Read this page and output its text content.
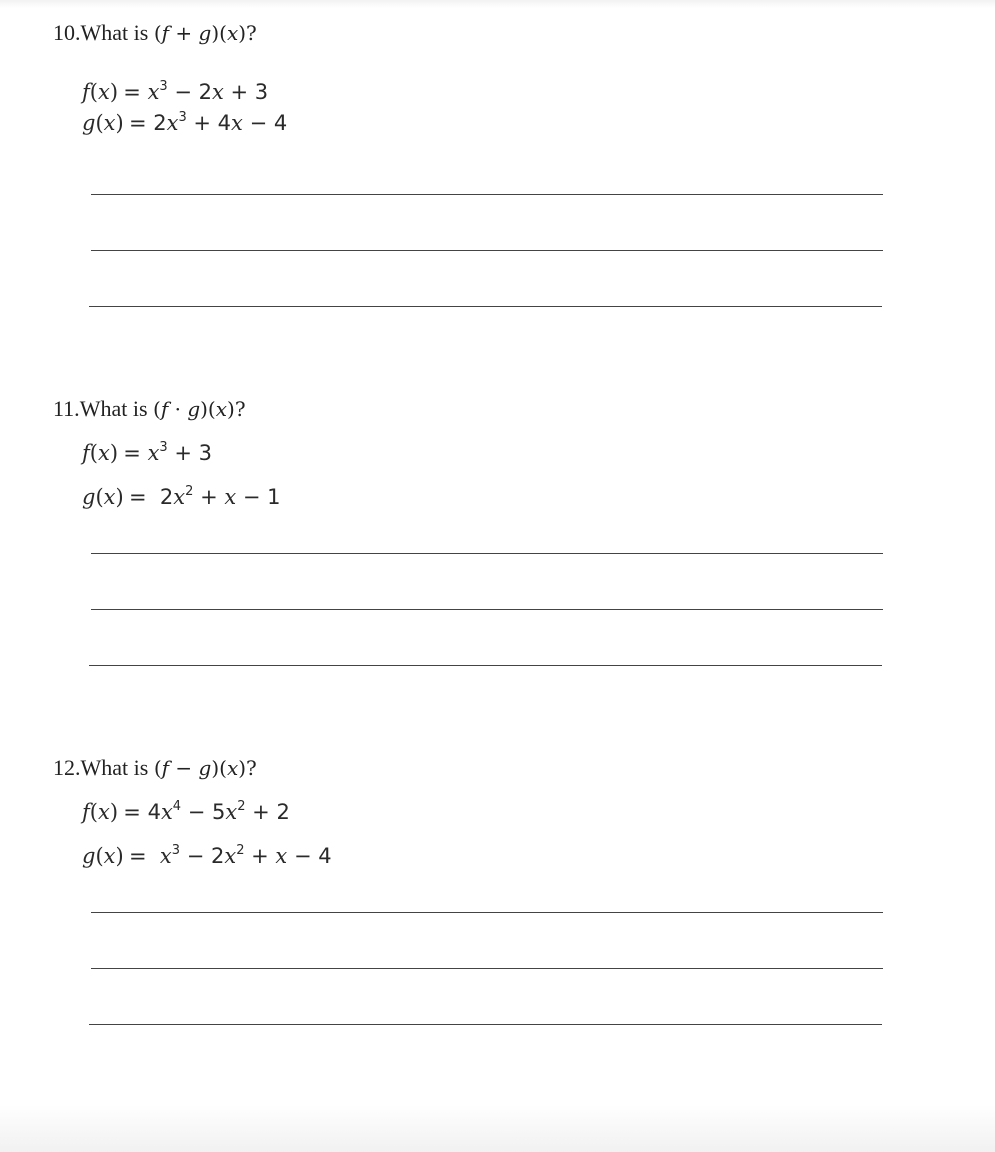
10.What is (f + g)(x)?
$f(x) = x^3 - 2x + 3$
$g(x) = 2x^3 + 4x - 4$
11.What is (f · g)(x)?
$f(x) = x^3 + 3$
$g(x) = 2x^2 + x - 1$
12.What is (f − g)(x)?
$f(x) = 4x^4 - 5x^2 + 2$
$g(x) = x^3 - 2x^2 + x - 4$
